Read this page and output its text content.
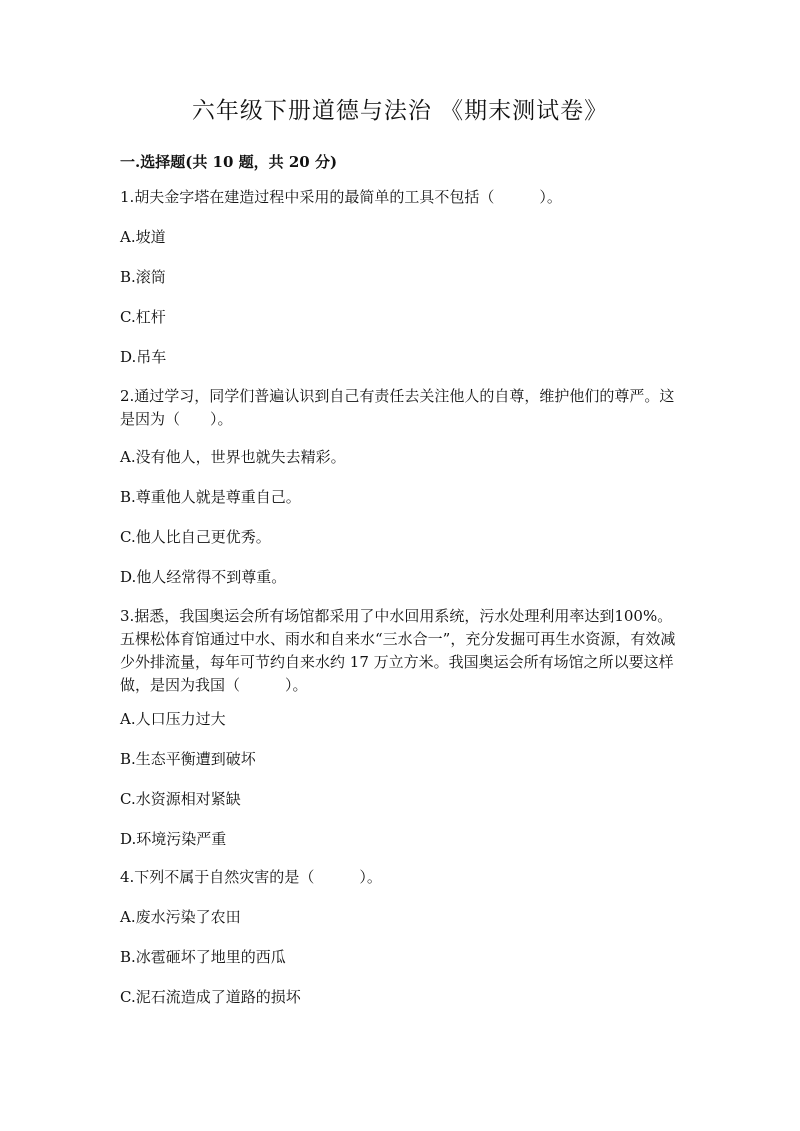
六年级下册道德与法治 《期末测试卷》
一.选择题(共 10 题，共 20 分)
1.胡夫金字塔在建造过程中采用的最简单的工具不包括（　　　）。
A.坡道
B.滚筒
C.杠杆
D.吊车
2.通过学习，同学们普遍认识到自己有责任去关注他人的自尊，维护他们的尊严。这是因为（　　）。
A.没有他人，世界也就失去精彩。
B.尊重他人就是尊重自己。
C.他人比自己更优秀。
D.他人经常得不到尊重。
3.据悉，我国奥运会所有场馆都采用了中水回用系统，污水处理利用率达到100%。五棵松体育馆通过中水、雨水和自来水“三水合一”，充分发掘可再生水资源，有效减少外排流量，每年可节约自来水约 17 万立方米。我国奥运会所有场馆之所以要这样做，是因为我国（　　　）。
A.人口压力过大
B.生态平衡遭到破坏
C.水资源相对紧缺
D.环境污染严重
4.下列不属于自然灾害的是（　　　）。
A.废水污染了农田
B.冰雹砸坏了地里的西瓜
C.泥石流造成了道路的损坏
